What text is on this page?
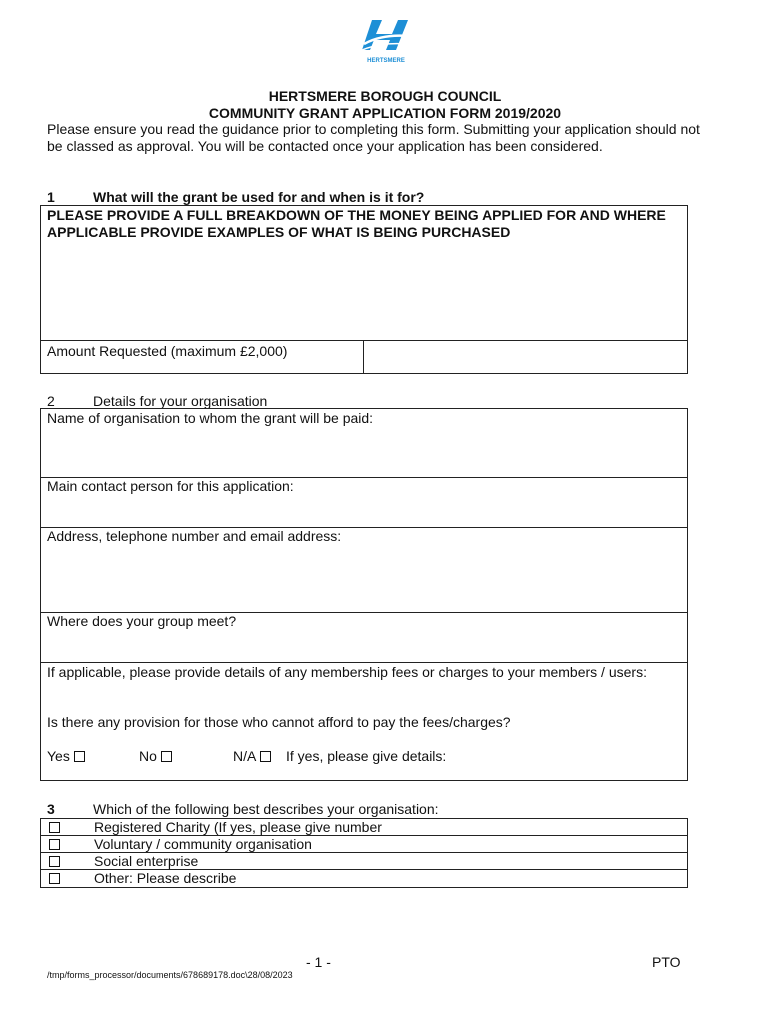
HERTSMERE
HERTSMERE BOROUGH COUNCIL
COMMUNITY GRANT APPLICATION FORM 2019/2020
Please ensure you read the guidance prior to completing this form. Submitting your application should not be classed as approval. You will be contacted once your application has been considered.
1	What will the grant be used for and when is it for?
PLEASE PROVIDE A FULL BREAKDOWN OF THE MONEY BEING APPLIED FOR AND WHERE APPLICABLE PROVIDE EXAMPLES OF WHAT IS BEING PURCHASED
Amount Requested (maximum £2,000)
2	Details for your organisation
Name of organisation to whom the grant will be paid:
Main contact person for this application:
Address, telephone number and email address:
Where does your group meet?
If applicable, please provide details of any membership fees or charges to your members / users:
Is there any provision for those who cannot afford to pay the fees/charges?
Yes	No	N/A	If yes, please give details:
3	Which of the following best describes your organisation:
Registered Charity (If yes, please give number
Voluntary / community organisation
Social enterprise
Other: Please describe
- 1 -	PTO
/tmp/forms_processor/documents/678689178.doc\28/08/2023
